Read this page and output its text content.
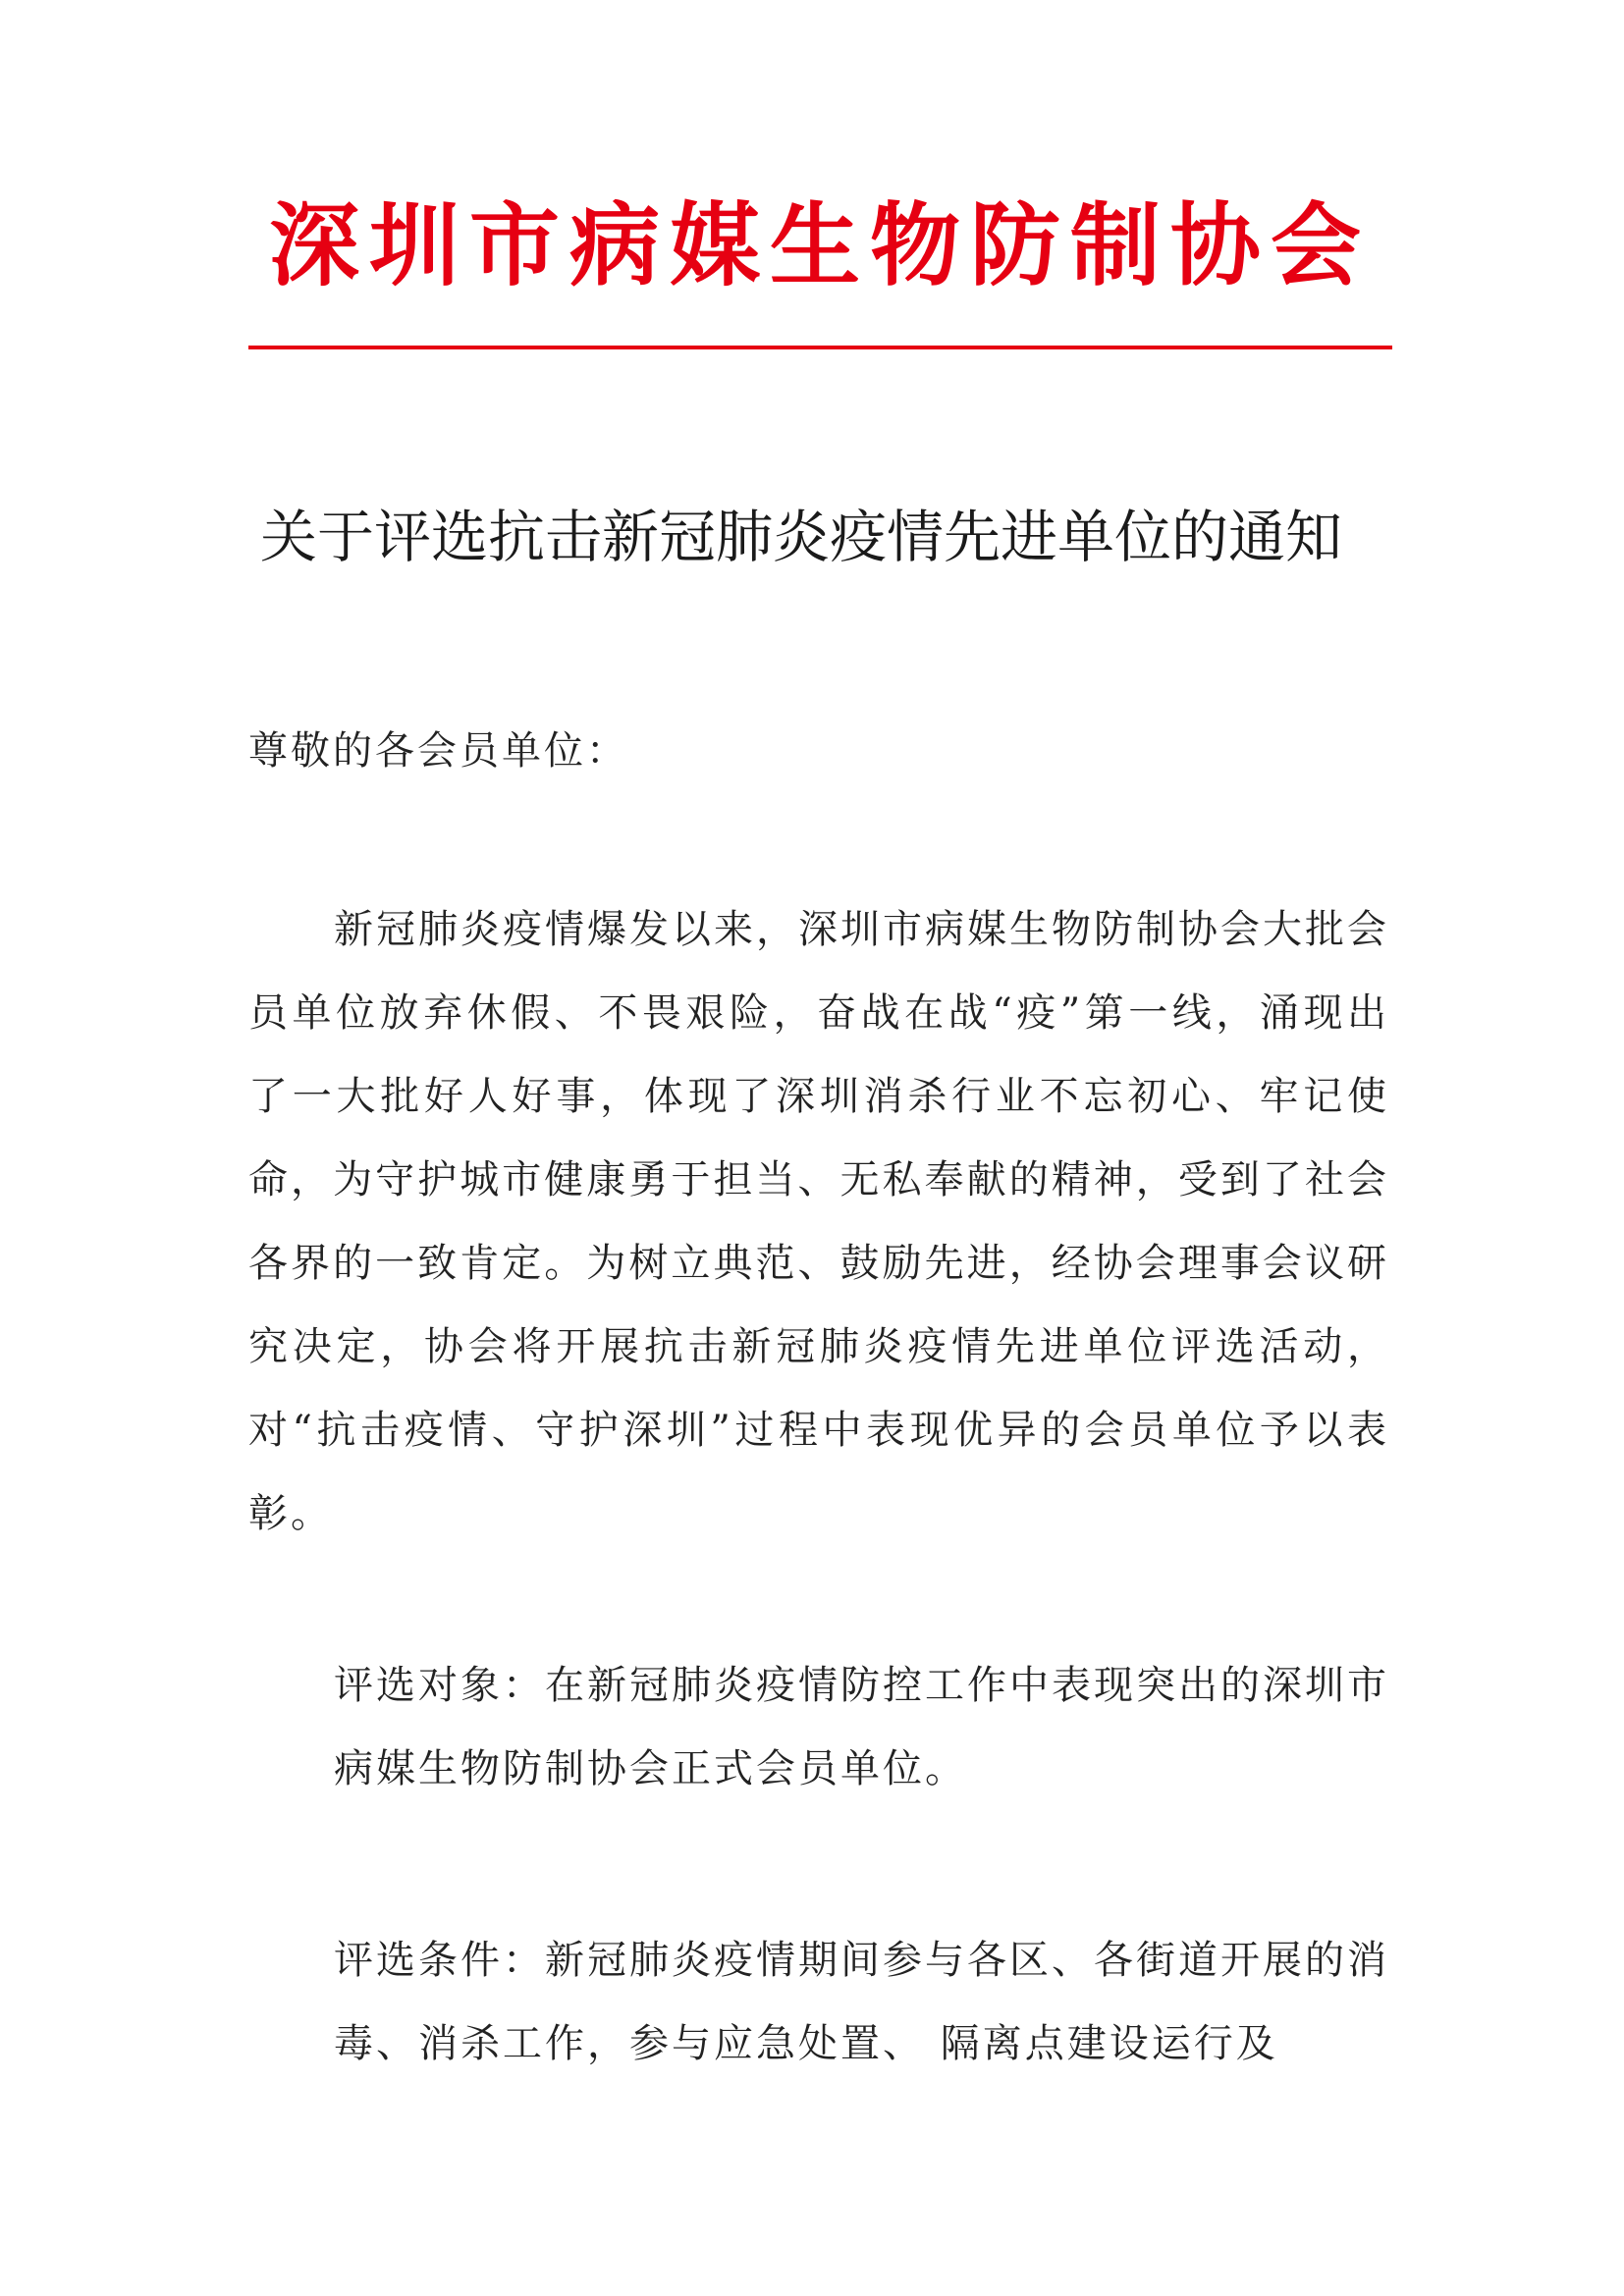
深圳市病媒生物防制协会
关于评选抗击新冠肺炎疫情先进单位的通知
尊敬的各会员单位：

新冠肺炎疫情爆发以来，深圳市病媒生物防制协会大批会员单位放弃休假、不畏艰险，奋战在战“疫”第一线，涌现出了一大批好人好事，体现了深圳消杀行业不忘初心、牢记使命，为守护城市健康勇于担当、无私奉献的精神，受到了社会各界的一致肯定。为树立典范、鼓励先进，经协会理事会议研究决定，协会将开展抗击新冠肺炎疫情先进单位评选活动，对“抗击疫情、守护深圳”过程中表现优异的会员单位予以表彰。

评选对象：在新冠肺炎疫情防控工作中表现突出的深圳市病媒生物防制协会正式会员单位。

评选条件：新冠肺炎疫情期间参与各区、各街道开展的消毒、消杀工作，参与应急处置、 隔离点建设运行及
